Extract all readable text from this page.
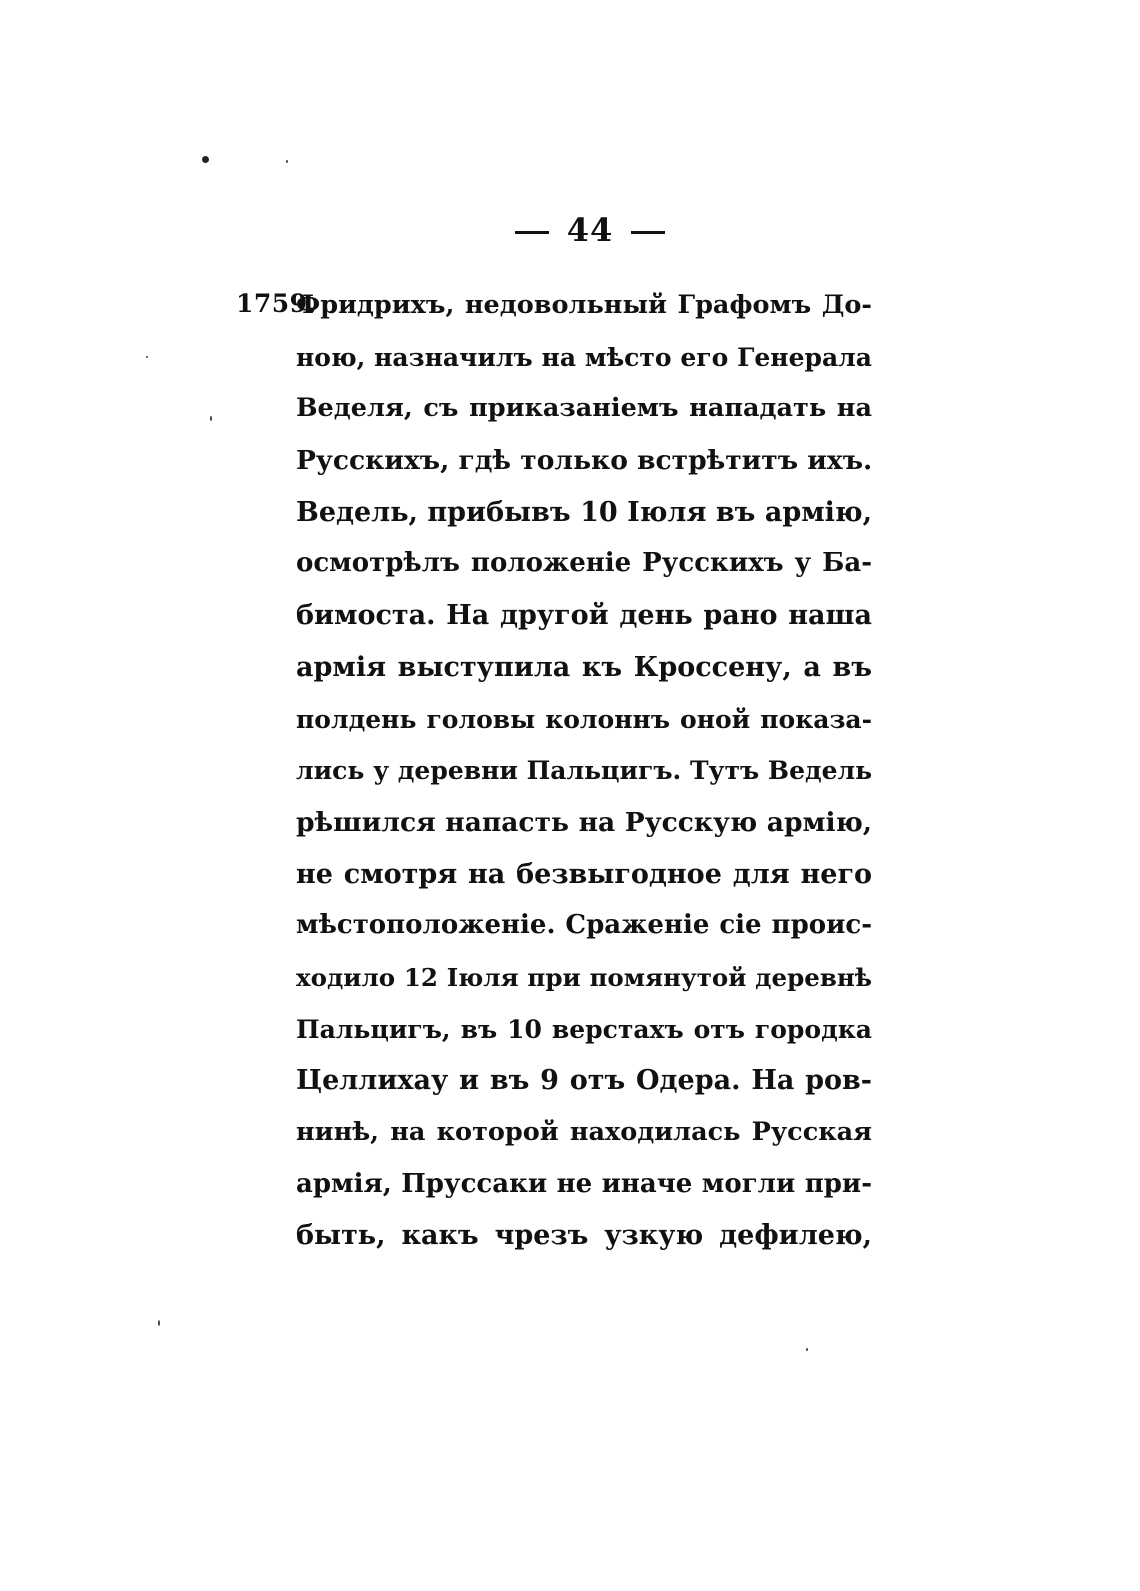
44
1759.
Фридрихъ, недовольный Графомъ До-
ною, назначилъ на мѣсто его Генерала
Веделя, съ приказаніемъ нападать на
Русскихъ, гдѣ только встрѣтитъ ихъ.
Ведель, прибывъ 10 Іюля въ армію,
осмотрѣлъ положеніе Русскихъ у Ба-
бимоста. На другой день рано наша
армія выступила къ Кроссену, а въ
полдень головы колоннъ оной показа-
лись у деревни Пальцигъ. Тутъ Ведель
рѣшился напасть на Русскую армію,
не смотря на безвыгодное для него
мѣстоположеніе. Сраженіе сіе проис-
ходило 12 Іюля при помянутой деревнѣ
Пальцигъ, въ 10 верстахъ отъ городка
Целлихау и въ 9 отъ Одера. На ров-
нинѣ, на которой находилась Русская
армія, Пруссаки не иначе могли при-
быть, какъ чрезъ узкую дефилею,
